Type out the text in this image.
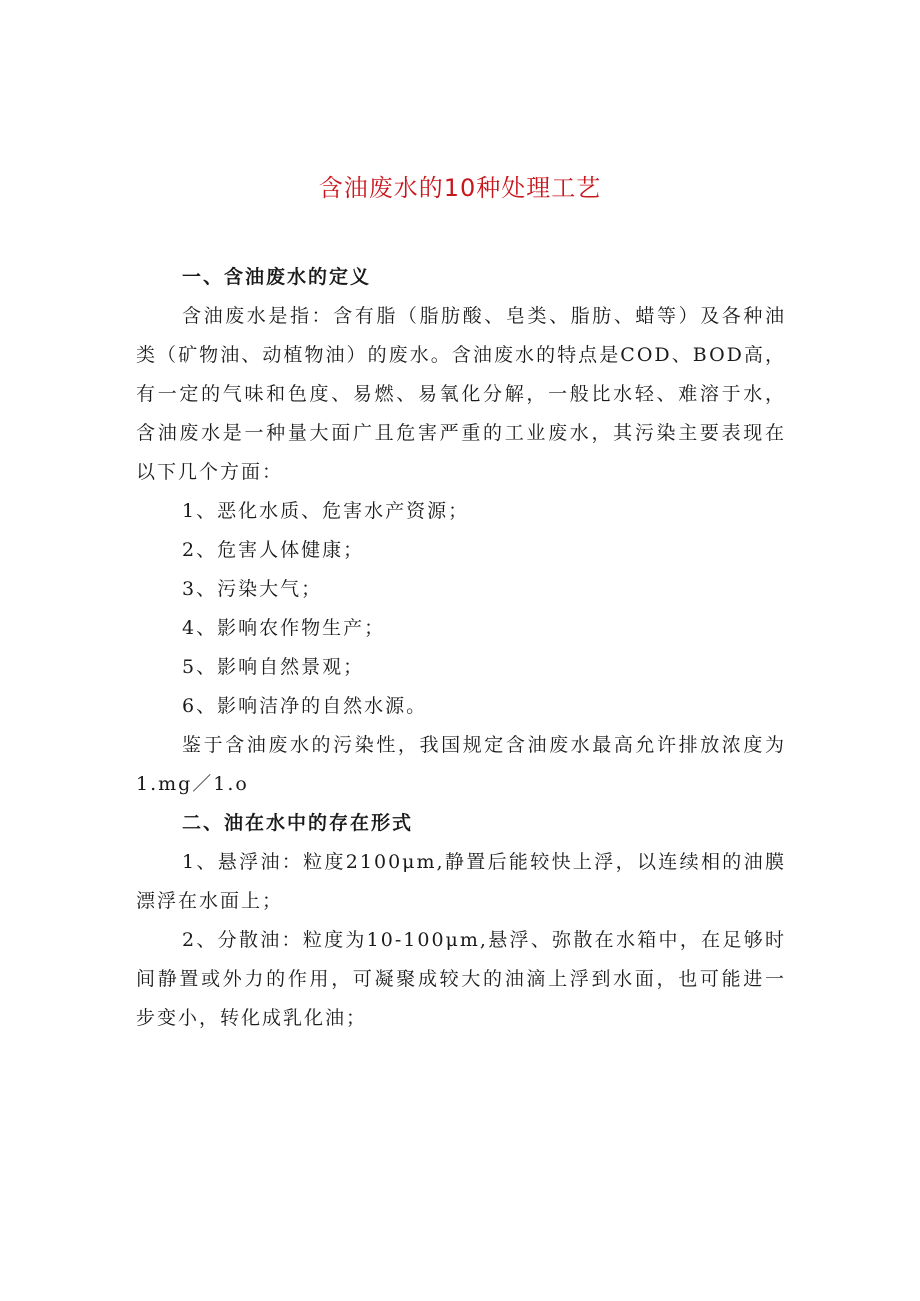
含油废水的10种处理工艺

一、含油废水的定义

含油废水是指：含有脂（脂肪酸、皂类、脂肪、蜡等）及各种油类（矿物油、动植物油）的废水。含油废水的特点是COD、BOD高，有一定的气味和色度、易燃、易氧化分解，一般比水轻、难溶于水，含油废水是一种量大面广且危害严重的工业废水，其污染主要表现在以下几个方面：

1、恶化水质、危害水产资源；

2、危害人体健康；

3、污染大气；

4、影响农作物生产；

5、影响自然景观；

6、影响洁净的自然水源。

鉴于含油废水的污染性，我国规定含油废水最高允许排放浓度为1.mg／1.o

二、油在水中的存在形式

1、悬浮油：粒度2100μm,静置后能较快上浮，以连续相的油膜漂浮在水面上；

2、分散油：粒度为10-100μm,悬浮、弥散在水箱中，在足够时间静置或外力的作用，可凝聚成较大的油滴上浮到水面，也可能进一步变小，转化成乳化油；
